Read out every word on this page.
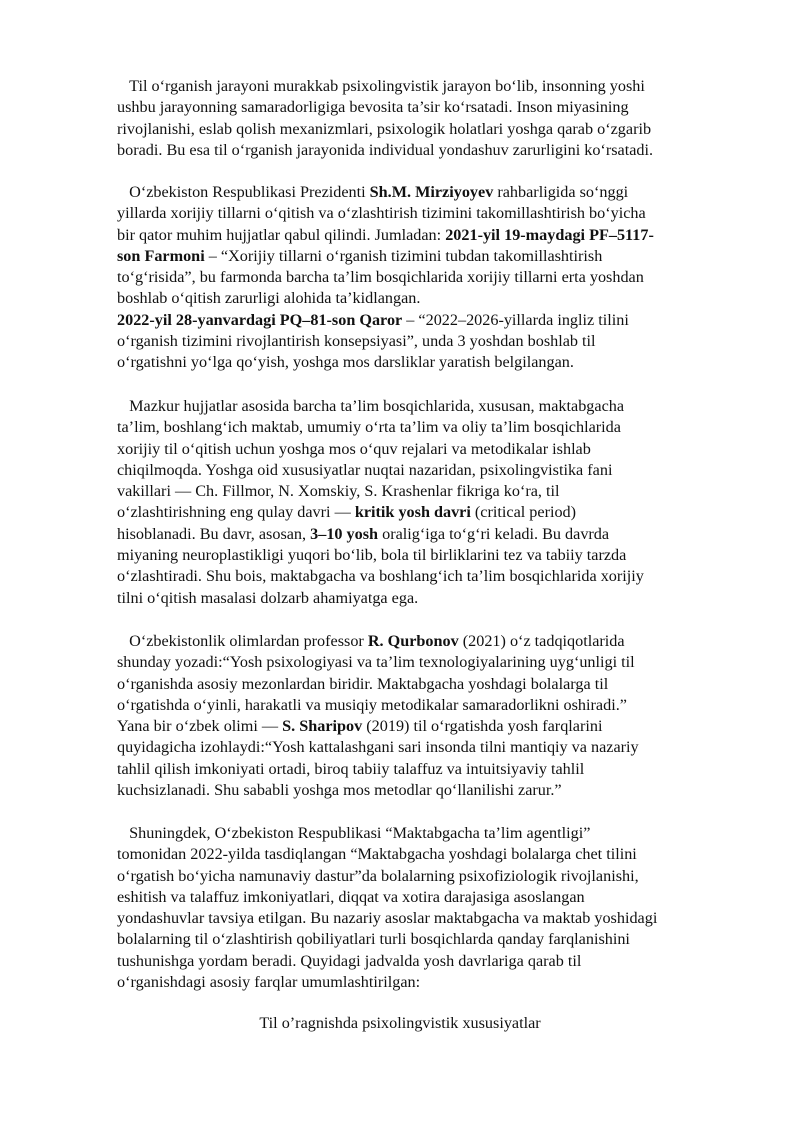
Til o‘rganish jarayoni murakkab psixolingvistik jarayon bo‘lib, insonning yoshi
ushbu jarayonning samaradorligiga bevosita ta’sir ko‘rsatadi. Inson miyasining
rivojlanishi, eslab qolish mexanizmlari, psixologik holatlari yoshga qarab o‘zgarib
boradi. Bu esa til o‘rganish jarayonida individual yondashuv zarurligini ko‘rsatadi.
O‘zbekiston Respublikasi Prezidenti Sh.M. Mirziyoyev rahbarligida so‘nggi
yillarda xorijiy tillarni o‘qitish va o‘zlashtirish tizimini takomillashtirish bo‘yicha
bir qator muhim hujjatlar qabul qilindi. Jumladan: 2021-yil 19-maydagi PF–5117-
son Farmoni – “Xorijiy tillarni o‘rganish tizimini tubdan takomillashtirish
to‘g‘risida”, bu farmonda barcha ta’lim bosqichlarida xorijiy tillarni erta yoshdan
boshlab o‘qitish zarurligi alohida ta’kidlangan.
2022-yil 28-yanvardagi PQ–81-son Qaror – “2022–2026-yillarda ingliz tilini
o‘rganish tizimini rivojlantirish konsepsiyasi”, unda 3 yoshdan boshlab til
o‘rgatishni yo‘lga qo‘yish, yoshga mos darsliklar yaratish belgilangan.
Mazkur hujjatlar asosida barcha ta’lim bosqichlarida, xususan, maktabgacha
ta’lim, boshlang‘ich maktab, umumiy o‘rta ta’lim va oliy ta’lim bosqichlarida
xorijiy til o‘qitish uchun yoshga mos o‘quv rejalari va metodikalar ishlab
chiqilmoqda. Yoshga oid xususiyatlar nuqtai nazaridan, psixolingvistika fani
vakillari — Ch. Fillmor, N. Xomskiy, S. Krashenlar fikriga ko‘ra, til
o‘zlashtirishning eng qulay davri — kritik yosh davri (critical period)
hisoblanadi. Bu davr, asosan, 3–10 yosh oralig‘iga to‘g‘ri keladi. Bu davrda
miyaning neuroplastikligi yuqori bo‘lib, bola til birliklarini tez va tabiiy tarzda
o‘zlashtiradi. Shu bois, maktabgacha va boshlang‘ich ta’lim bosqichlarida xorijiy
tilni o‘qitish masalasi dolzarb ahamiyatga ega.
O‘zbekistonlik olimlardan professor R. Qurbonov (2021) o‘z tadqiqotlarida
shunday yozadi:“Yosh psixologiyasi va ta’lim texnologiyalarining uyg‘unligi til
o‘rganishda asosiy mezonlardan biridir. Maktabgacha yoshdagi bolalarga til
o‘rgatishda o‘yinli, harakatli va musiqiy metodikalar samaradorlikni oshiradi.”
Yana bir o‘zbek olimi — S. Sharipov (2019) til o‘rgatishda yosh farqlarini
quyidagicha izohlaydi:“Yosh kattalashgani sari insonda tilni mantiqiy va nazariy
tahlil qilish imkoniyati ortadi, biroq tabiiy talaffuz va intuitsiyaviy tahlil
kuchsizlanadi. Shu sababli yoshga mos metodlar qo‘llanilishi zarur.”
Shuningdek, O‘zbekiston Respublikasi “Maktabgacha ta’lim agentligi”
tomonidan 2022-yilda tasdiqlangan “Maktabgacha yoshdagi bolalarga chet tilini
o‘rgatish bo‘yicha namunaviy dastur”da bolalarning psixofiziologik rivojlanishi,
eshitish va talaffuz imkoniyatlari, diqqat va xotira darajasiga asoslangan
yondashuvlar tavsiya etilgan. Bu nazariy asoslar maktabgacha va maktab yoshidagi
bolalarning til o‘zlashtirish qobiliyatlari turli bosqichlarda qanday farqlanishini
tushunishga yordam beradi. Quyidagi jadvalda yosh davrlariga qarab til
o‘rganishdagi asosiy farqlar umumlashtirilgan:
Til o’ragnishda psixolingvistik xususiyatlar
